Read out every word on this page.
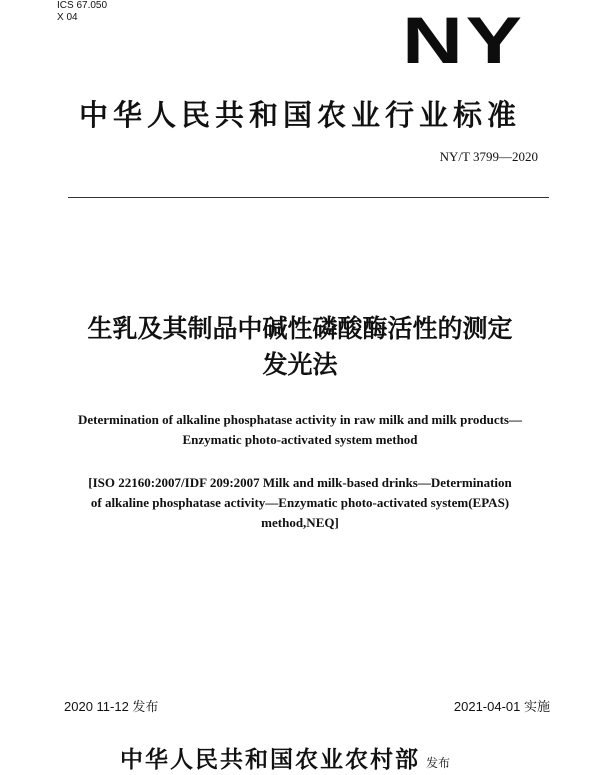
ICS 67.050
X 04	NY
中华人民共和国农业行业标准
NY/T 3799—2020
生乳及其制品中碱性磷酸酶活性的测定
发光法
Determination of alkaline phosphatase activity in raw milk and milk products—
Enzymatic photo-activated system method
[ISO 22160:2007/IDF 209:2007 Milk and milk-based drinks—Determination
of alkaline phosphatase activity—Enzymatic photo-activated system(EPAS)
method,NEQ]
2020 11-12 发布	2021-04-01 实施
中华人民共和国农业农村部 发布
